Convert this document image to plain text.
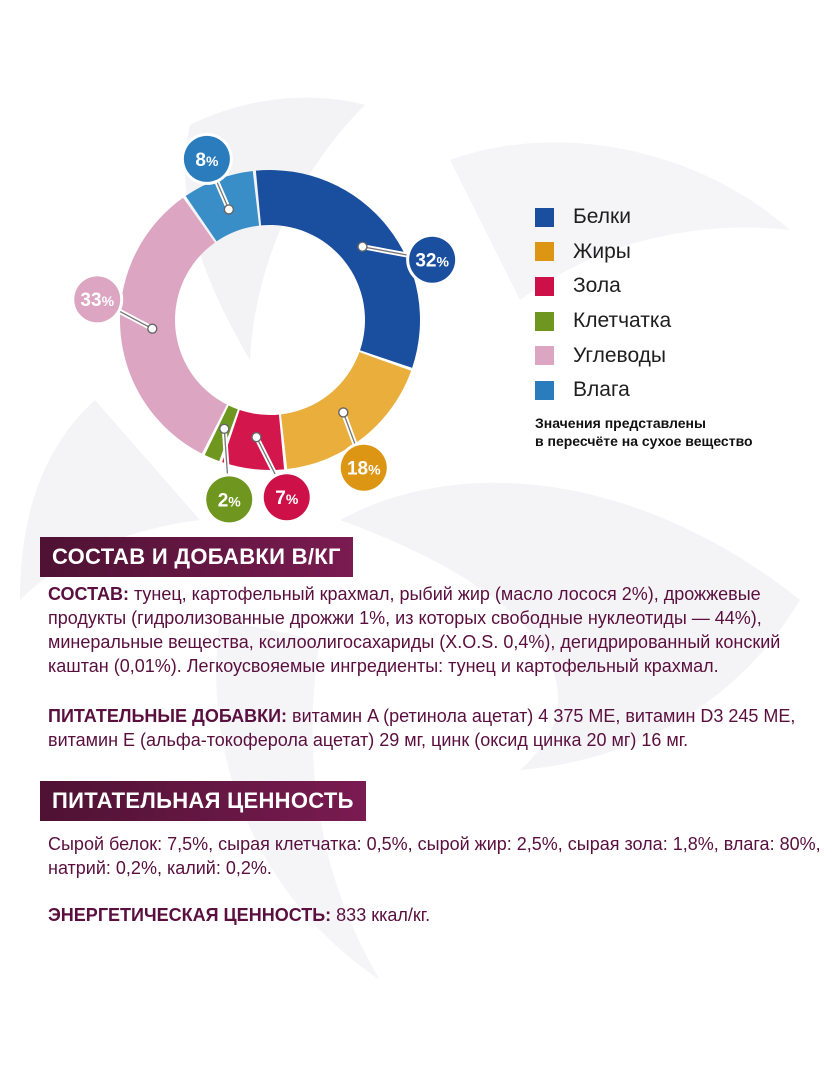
32%
18%
7%
2%
33%
8%
Белки
Жиры
Зола
Клетчатка
Углеводы
Влага
Значения представлены
в пересчёте на сухое вещество
СОСТАВ И ДОБАВКИ В/КГ
СОСТАВ: тунец, картофельный крахмал, рыбий жир (масло лосося 2%), дрожжевые продукты (гидролизованные дрожжи 1%, из которых свободные нуклеотиды — 44%), минеральные вещества, ксилоолигосахариды (X.O.S. 0,4%), дегидрированный конский каштан (0,01%). Легкоусвояемые ингредиенты: тунец и картофельный крахмал.
ПИТАТЕЛЬНЫЕ ДОБАВКИ: витамин A (ретинола ацетат) 4 375 МЕ, витамин D3 245 МЕ, витамин E (альфа-токоферола ацетат) 29 мг, цинк (оксид цинка 20 мг) 16 мг.
ПИТАТЕЛЬНАЯ ЦЕННОСТЬ
Сырой белок: 7,5%, сырая клетчатка: 0,5%, сырой жир: 2,5%, сырая зола: 1,8%, влага: 80%, натрий: 0,2%, калий: 0,2%.
ЭНЕРГЕТИЧЕСКАЯ ЦЕННОСТЬ: 833 ккал/кг.
